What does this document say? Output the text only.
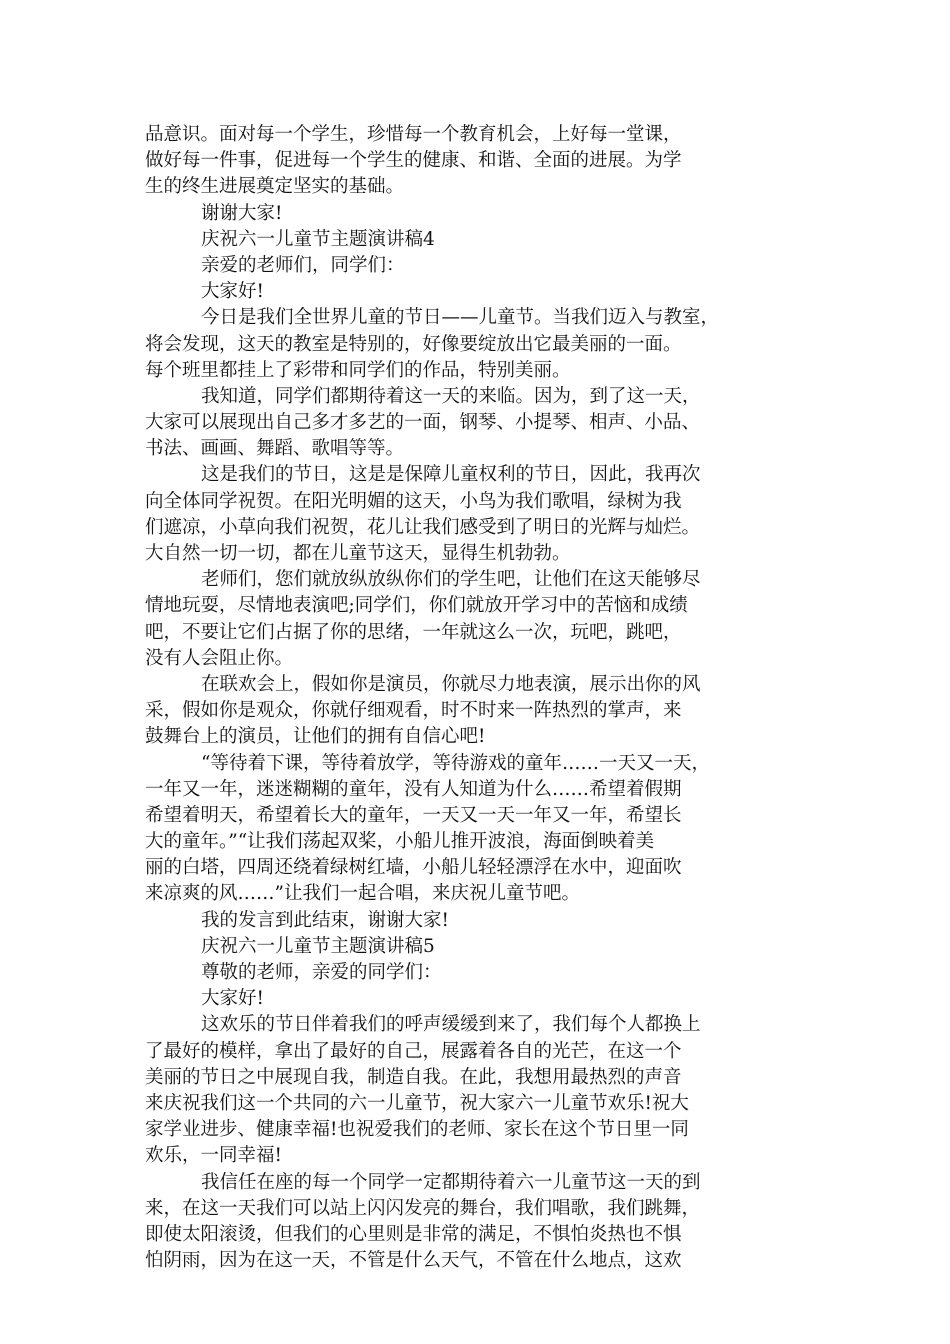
品意识。面对每一个学生，珍惜每一个教育机会，上好每一堂课，
做好每一件事，促进每一个学生的健康、和谐、全面的进展。为学
生的终生进展奠定坚实的基础。
谢谢大家!
庆祝六一儿童节主题演讲稿4
亲爱的老师们，同学们：
大家好!
今日是我们全世界儿童的节日——儿童节。当我们迈入与教室，
将会发现，这天的教室是特别的，好像要绽放出它最美丽的一面。
每个班里都挂上了彩带和同学们的作品，特别美丽。
我知道，同学们都期待着这一天的来临。因为，到了这一天，
大家可以展现出自己多才多艺的一面，钢琴、小提琴、相声、小品、
书法、画画、舞蹈、歌唱等等。
这是我们的节日，这是是保障儿童权利的节日，因此，我再次
向全体同学祝贺。在阳光明媚的这天，小鸟为我们歌唱，绿树为我
们遮凉，小草向我们祝贺，花儿让我们感受到了明日的光辉与灿烂。
大自然一切一切，都在儿童节这天，显得生机勃勃。
老师们，您们就放纵放纵你们的学生吧，让他们在这天能够尽
情地玩耍，尽情地表演吧;同学们，你们就放开学习中的苦恼和成绩
吧，不要让它们占据了你的思绪，一年就这么一次，玩吧，跳吧，
没有人会阻止你。
在联欢会上，假如你是演员，你就尽力地表演，展示出你的风
采，假如你是观众，你就仔细观看，时不时来一阵热烈的掌声，来
鼓舞台上的演员，让他们的拥有自信心吧!
“等待着下课，等待着放学，等待游戏的童年……一天又一天，
一年又一年，迷迷糊糊的童年，没有人知道为什么……希望着假期
希望着明天，希望着长大的童年，一天又一天一年又一年，希望长
大的童年。”“让我们荡起双桨，小船儿推开波浪，海面倒映着美
丽的白塔，四周还绕着绿树红墙，小船儿轻轻漂浮在水中，迎面吹
来凉爽的风……”让我们一起合唱，来庆祝儿童节吧。
我的发言到此结束，谢谢大家!
庆祝六一儿童节主题演讲稿5
尊敬的老师，亲爱的同学们：
大家好!
这欢乐的节日伴着我们的呼声缓缓到来了，我们每个人都换上
了最好的模样，拿出了最好的自己，展露着各自的光芒，在这一个
美丽的节日之中展现自我，制造自我。在此，我想用最热烈的声音
来庆祝我们这一个共同的六一儿童节，祝大家六一儿童节欢乐!祝大
家学业进步、健康幸福!也祝爱我们的老师、家长在这个节日里一同
欢乐，一同幸福!
我信任在座的每一个同学一定都期待着六一儿童节这一天的到
来，在这一天我们可以站上闪闪发亮的舞台，我们唱歌，我们跳舞，
即使太阳滚烫，但我们的心里则是非常的满足，不惧怕炎热也不惧
怕阴雨，因为在这一天，不管是什么天气，不管在什么地点，这欢
